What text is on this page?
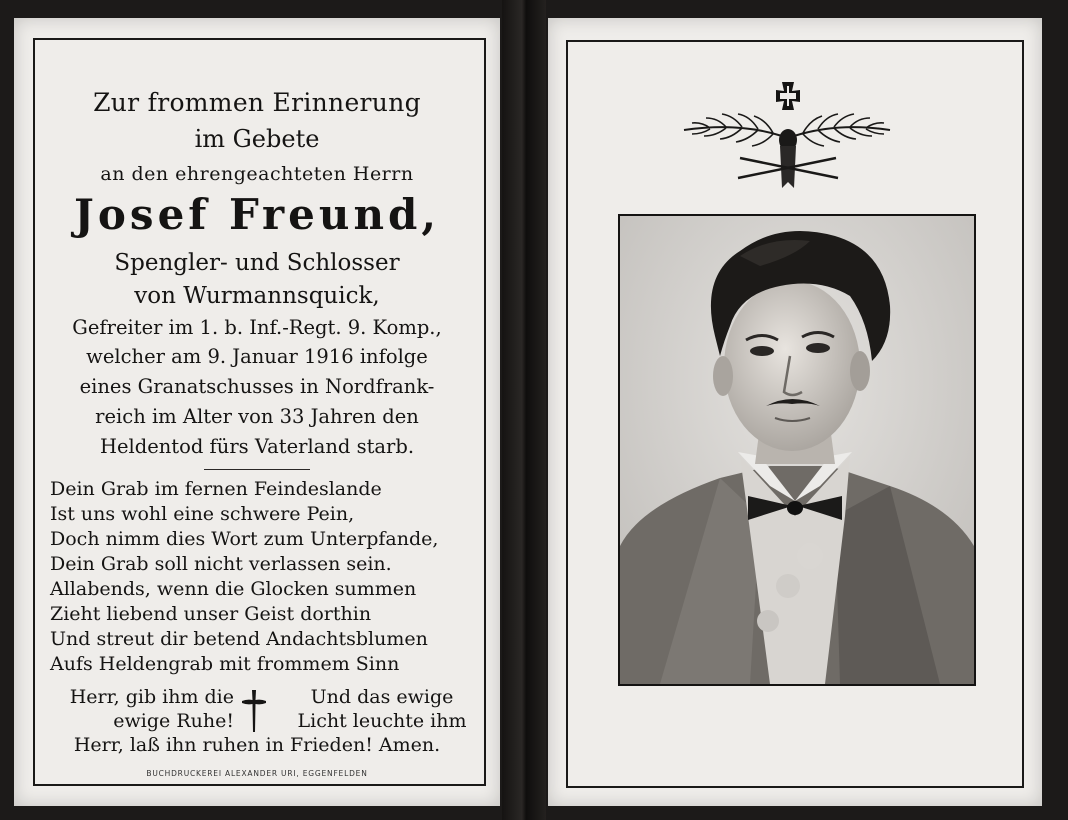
Zur frommen Erinnerung
im Gebete
an den ehrengeachteten Herrn
Josef Freund,
Spengler- und Schlosser
von Wurmannsquick,
Gefreiter im 1. b. Inf.-Regt. 9. Komp.,
welcher am 9. Januar 1916 infolge
eines Granatschusses in Nordfrank-
reich im Alter von 33 Jahren den
Heldentod fürs Vaterland starb.
Dein Grab im fernen Feindeslande
Ist uns wohl eine schwere Pein,
Doch nimm dies Wort zum Unterpfande,
Dein Grab soll nicht verlassen sein.
Allabends, wenn die Glocken summen
Zieht liebend unser Geist dorthin
Und streut dir betend Andachtsblumen
Aufs Heldengrab mit frommem Sinn
Herr, gib ihm die
ewige Ruhe!
Und das ewige
Licht leuchte ihm
Herr, laß ihn ruhen in Frieden! Amen.
BUCHDRUCKEREI ALEXANDER URI, EGGENFELDEN
